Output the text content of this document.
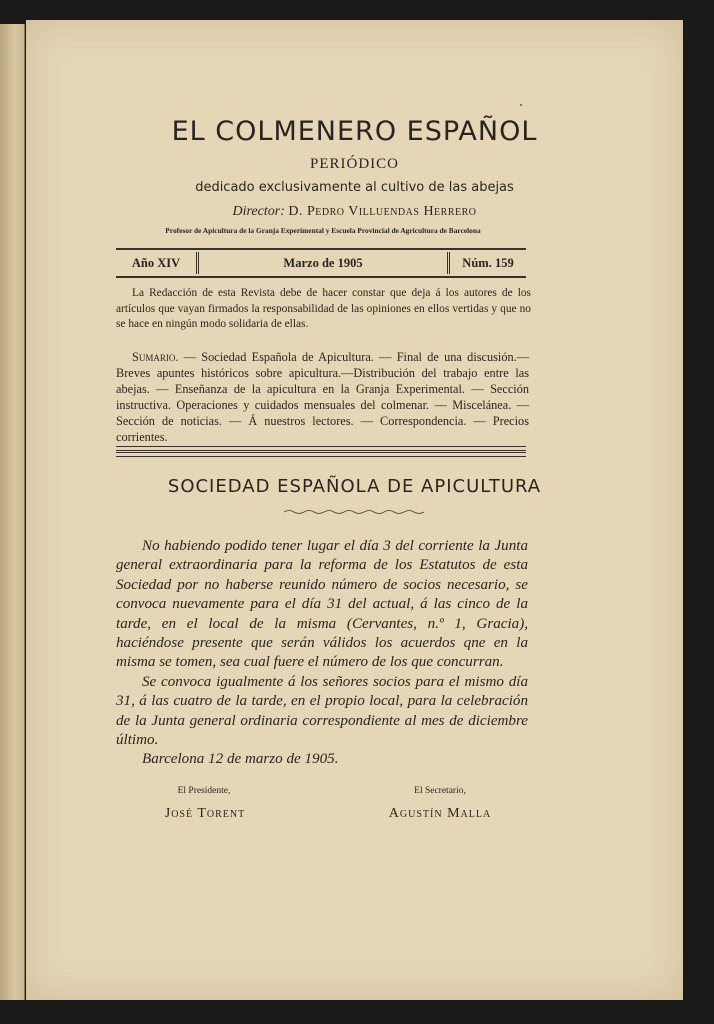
EL COLMENERO ESPAÑOL
PERIÓDICO
dedicado exclusivamente al cultivo de las abejas
Director: D. Pedro Villuendas Herrero
Profesor de Apicultura de la Granja Experimental y Escuela Provincial de Agricultura de Barcelona
Año XIV	Marzo de 1905	Núm. 159
La Redacción de esta Revista debe de hacer constar que deja á los autores de los artículos que vayan firmados la responsabilidad de las opiniones en ellos vertidas y que no se hace en ningún modo solidaria de ellas.
Sumario. — Sociedad Española de Apicultura. — Final de una discusión.—Breves apuntes históricos sobre apicultura.—Distribución del trabajo entre las abejas. — Enseñanza de la apicultura en la Granja Experimental. — Sección instructiva. Operaciones y cuidados mensuales del colmenar. — Miscelánea. — Sección de noticias. — Á nuestros lectores. — Correspondencia. — Precios corrientes.
SOCIEDAD ESPAÑOLA DE APICULTURA

No habiendo podido tener lugar el día 3 del corriente la Junta general extraordinaria para la reforma de los Estatutos de esta Sociedad por no haberse reunido número de socios necesario, se convoca nuevamente para el día 31 del actual, á las cinco de la tarde, en el local de la misma (Cervantes, n.º 1, Gracia), haciéndose presente que serán válidos los acuerdos qne en la misma se tomen, sea cual fuere el número de los que concurran.

Se convoca igualmente á los señores socios para el mismo día 31, á las cuatro de la tarde, en el propio local, para la celebración de la Junta general ordinaria correspondiente al mes de diciembre último.

Barcelona 12 de marzo de 1905.

El Presidente,
José Torent
El Secretario,
Agustín Malla
